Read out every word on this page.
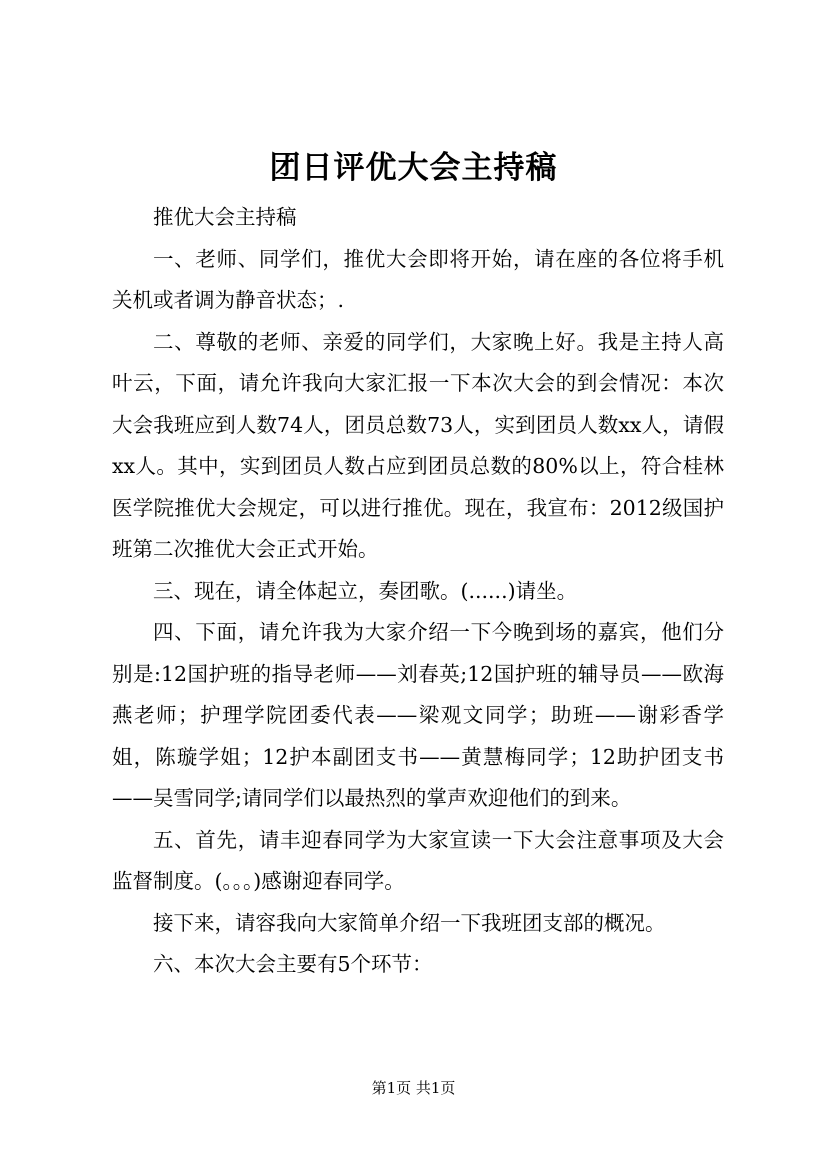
团日评优大会主持稿

推优大会主持稿

一、老师、同学们，推优大会即将开始，请在座的各位将手机关机或者调为静音状态；.

二、尊敬的老师、亲爱的同学们，大家晚上好。我是主持人高叶云，下面，请允许我向大家汇报一下本次大会的到会情况：本次大会我班应到人数74人，团员总数73人，实到团员人数xx人，请假xx人。其中，实到团员人数占应到团员总数的80%以上，符合桂林医学院推优大会规定，可以进行推优。现在，我宣布：2012级国护班第二次推优大会正式开始。

三、现在，请全体起立，奏团歌。(......)请坐。

四、下面，请允许我为大家介绍一下今晚到场的嘉宾，他们分别是:12国护班的指导老师——刘春英;12国护班的辅导员——欧海燕老师；护理学院团委代表——梁观文同学；助班——谢彩香学姐，陈璇学姐；12护本副团支书——黄慧梅同学；12助护团支书——吴雪同学;请同学们以最热烈的掌声欢迎他们的到来。

五、首先，请丰迎春同学为大家宣读一下大会注意事项及大会监督制度。(。。。)感谢迎春同学。

接下来，请容我向大家简单介绍一下我班团支部的概况。

六、本次大会主要有5个环节：

第1页 共1页
